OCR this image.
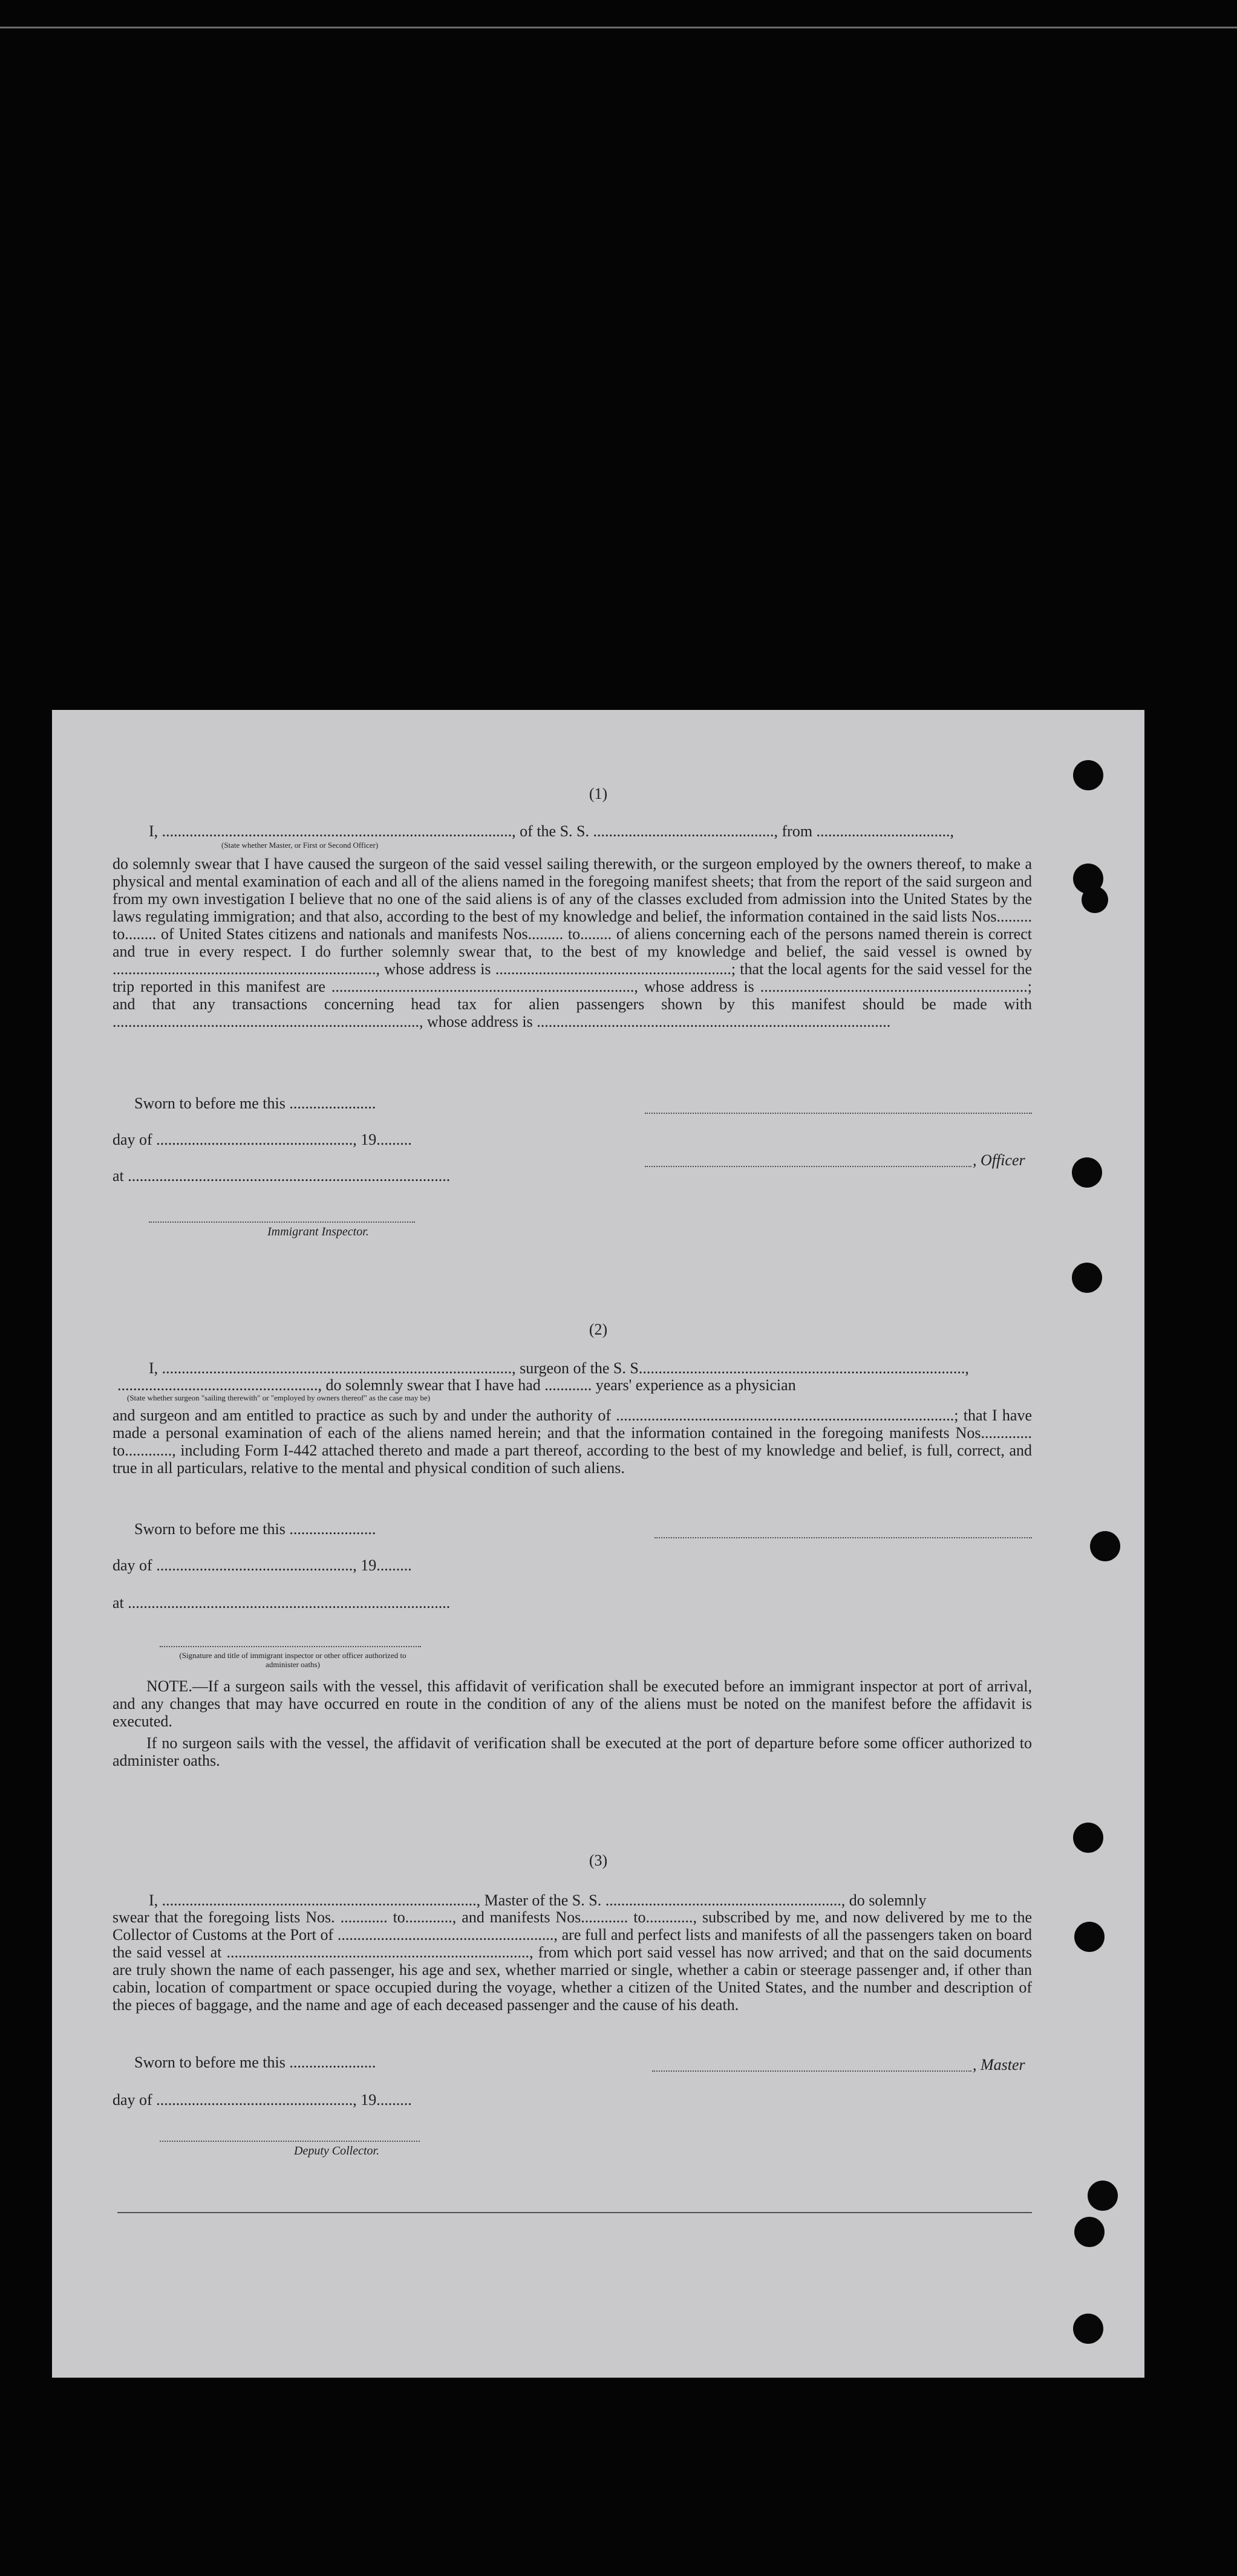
(1)
I, ........................................................................................., of the S. S. .............................................., from ..................................,
(State whether Master, or First or Second Officer)
do solemnly swear that I have caused the surgeon of the said vessel sailing therewith, or the surgeon employed by the owners thereof, to make a physical and mental examination of each and all of the aliens named in the foregoing manifest sheets; that from the report of the said surgeon and from my own investigation I believe that no one of the said aliens is of any of the classes excluded from admission into the United States by the laws regulating immigration; and that also, according to the best of my knowledge and belief, the information contained in the said lists Nos......... to........ of United States citizens and nationals and manifests Nos......... to........ of aliens concerning each of the persons named therein is correct and true in every respect. I do further solemnly swear that, to the best of my knowledge and belief, the said vessel is owned by ..................................................................., whose address is ............................................................; that the local agents for the said vessel for the trip reported in this manifest are ............................................................................., whose address is ....................................................................; and that any transactions concerning head tax for alien passengers shown by this manifest should be made with .............................................................................., whose address is ..........................................................................................
Sworn to before me this ......................
day of .................................................., 19.........
, Officer
at ..................................................................................
Immigrant Inspector.
(2)
I, ........................................................................................., surgeon of the S. S...................................................................................,
..................................................., do solemnly swear that I have had ............ years' experience as a physician
(State whether surgeon "sailing therewith" or "employed by owners thereof" as the case may be)
and surgeon and am entitled to practice as such by and under the authority of ......................................................................................; that I have made a personal examination of each of the aliens named herein; and that the information contained in the foregoing manifests Nos............. to............, including Form I-442 attached thereto and made a part thereof, according to the best of my knowledge and belief, is full, correct, and true in all particulars, relative to the mental and physical condition of such aliens.
Sworn to before me this ......................
day of .................................................., 19.........
at ..................................................................................
(Signature and title of immigrant inspector or other officer authorized to administer oaths)
NOTE.—If a surgeon sails with the vessel, this affidavit of verification shall be executed before an immigrant inspector at port of arrival, and any changes that may have occurred en route in the condition of any of the aliens must be noted on the manifest before the affidavit is executed.
If no surgeon sails with the vessel, the affidavit of verification shall be executed at the port of departure before some officer authorized to administer oaths.
(3)
I, ................................................................................, Master of the S. S. ............................................................, do solemnly
swear that the foregoing lists Nos. ............ to............, and manifests Nos............ to............, subscribed by me, and now delivered by me to the Collector of Customs at the Port of ......................................................., are full and perfect lists and manifests of all the passengers taken on board the said vessel at ............................................................................., from which port said vessel has now arrived; and that on the said documents are truly shown the name of each passenger, his age and sex, whether married or single, whether a cabin or steerage passenger and, if other than cabin, location of compartment or space occupied during the voyage, whether a citizen of the United States, and the number and description of the pieces of baggage, and the name and age of each deceased passenger and the cause of his death.
Sworn to before me this ......................	, Master
day of .................................................., 19.........
Deputy Collector.
